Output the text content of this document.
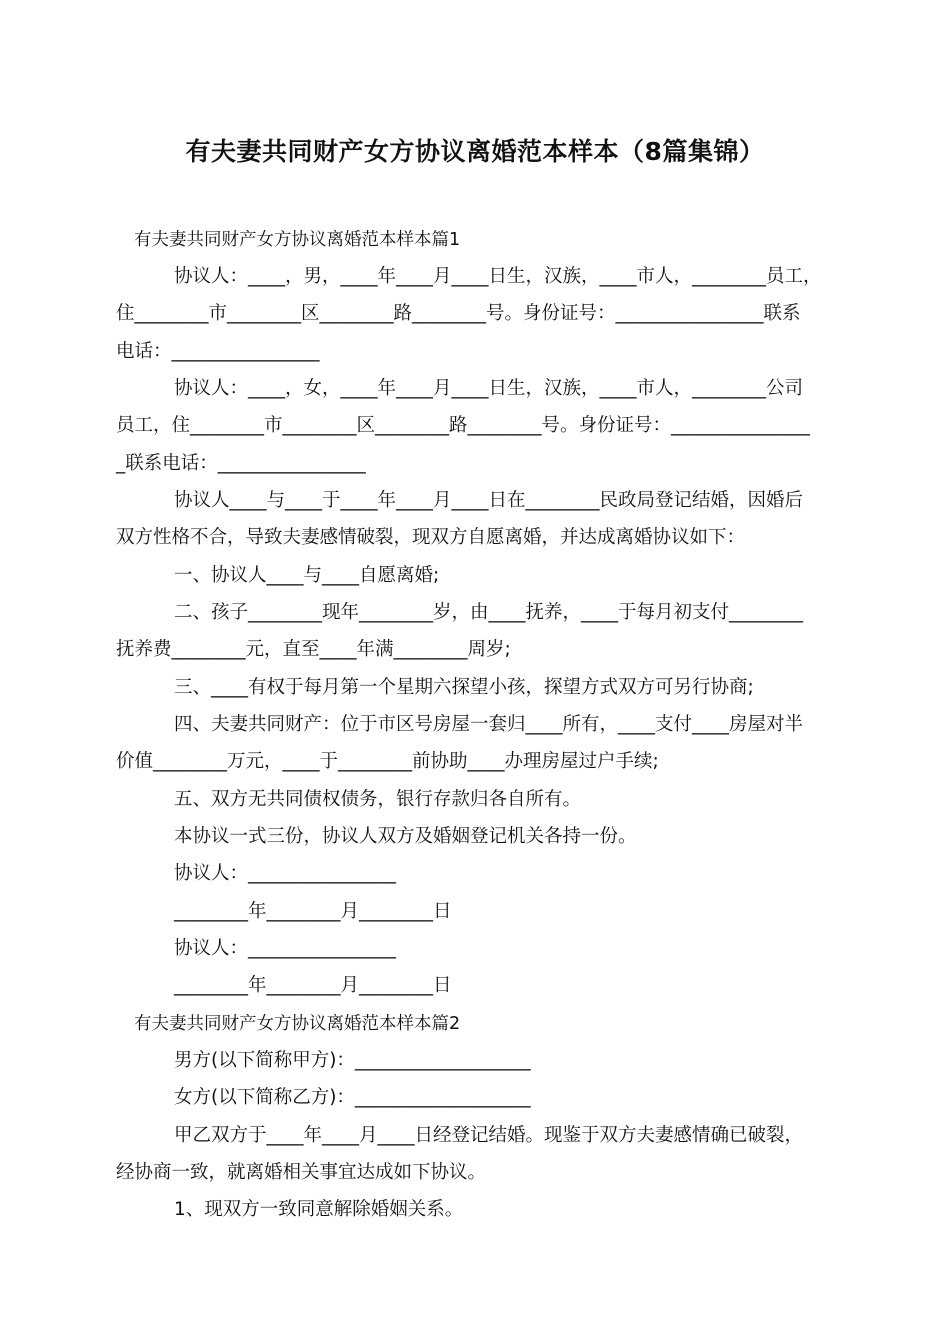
有夫妻共同财产女方协议离婚范本样本（8篇集锦）
有夫妻共同财产女方协议离婚范本样本篇1
协议人：____，男，____年____月____日生，汉族，____市人，________员工，
住________市________区________路________号。身份证号：________________联系
电话：________________
协议人：____，女，____年____月____日生，汉族，____市人，________公司
员工，住________市________区________路________号。身份证号：_______________
_联系电话：________________
协议人____与____于____年____月____日在________民政局登记结婚，因婚后
双方性格不合，导致夫妻感情破裂，现双方自愿离婚，并达成离婚协议如下：
一、协议人____与____自愿离婚;
二、孩子________现年________岁，由____抚养，____于每月初支付________
抚养费________元，直至____年满________周岁;
三、____有权于每月第一个星期六探望小孩，探望方式双方可另行协商;
四、夫妻共同财产：位于市区号房屋一套归____所有，____支付____房屋对半
价值________万元，____于________前协助____办理房屋过户手续;
五、双方无共同债权债务，银行存款归各自所有。
本协议一式三份，协议人双方及婚姻登记机关各持一份。
协议人：________________
________年________月________日
协议人：________________
________年________月________日
有夫妻共同财产女方协议离婚范本样本篇2
男方(以下简称甲方)：___________________
女方(以下简称乙方)：___________________
甲乙双方于____年____月____日经登记结婚。现鉴于双方夫妻感情确已破裂，
经协商一致，就离婚相关事宜达成如下协议。
1、现双方一致同意解除婚姻关系。
